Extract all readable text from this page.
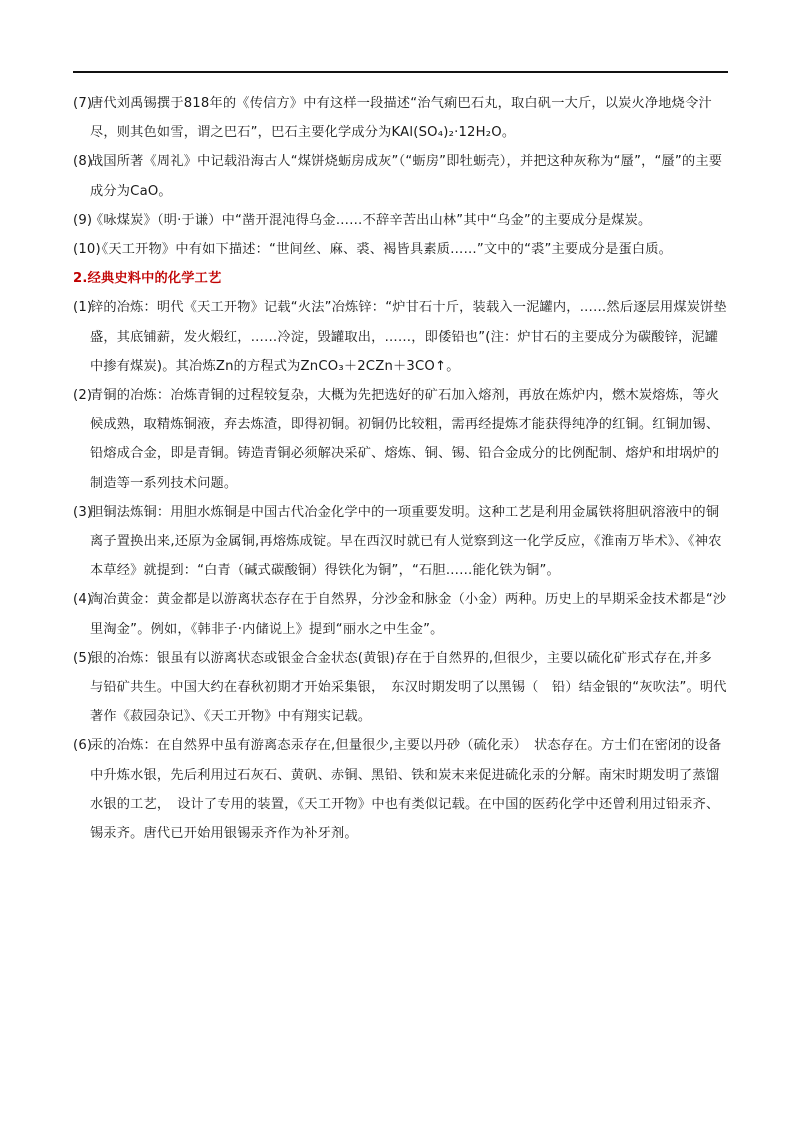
(7)
唐代刘禹锡撰于818年的《传信方》中有这样一段描述“治气痢巴石丸，取白矾一大斤，以炭火净地烧令汁尽，则其色如雪，谓之巴石”，巴石主要化学成分为KAl(SO₄)₂·12H₂O。

(8)
战国所著《周礼》中记载沿海古人“煤饼烧蛎房成灰”（“蛎房”即牡蛎壳），并把这种灰称为“蜃”，“蜃”的主要成分为CaO。

(9)
《咏煤炭》（明·于谦）中“凿开混沌得乌金……不辞辛苦出山林”其中“乌金”的主要成分是煤炭。

(10)
《天工开物》中有如下描述：“世间丝、麻、裘、褐皆具素质……”文中的“裘”主要成分是蛋白质。

2.经典史料中的化学工艺

(1)
锌的冶炼：明代《天工开物》记载“火法”冶炼锌：“炉甘石十斤，装载入一泥罐内，……然后逐层用煤炭饼垫盛，其底铺薪，发火煅红，……冷淀，毁罐取出，……，即倭铅也”(注：炉甘石的主要成分为碳酸锌，泥罐中掺有煤炭)。其冶炼Zn的方程式为ZnCO₃＋2CZn＋3CO↑。

(2)
青铜的冶炼：冶炼青铜的过程较复杂，大概为先把选好的矿石加入熔剂，再放在炼炉内，燃木炭熔炼，等火候成熟，取精炼铜液，弃去炼渣，即得初铜。初铜仍比较粗，需再经提炼才能获得纯净的红铜。红铜加锡、铅熔成合金，即是青铜。铸造青铜必须解决采矿、熔炼、铜、锡、铅合金成分的比例配制、熔炉和坩埚炉的制造等一系列技术问题。

(3)
胆铜法炼铜：用胆水炼铜是中国古代冶金化学中的一项重要发明。这种工艺是利用金属铁将胆矾溶液中的铜离子置换出来,还原为金属铜,再熔炼成锭。早在西汉时就已有人觉察到这一化学反应，《淮南万毕术》、《神农本草经》就提到：“白青（碱式碳酸铜）得铁化为铜”，“石胆……能化铁为铜”。

(4)
淘冶黄金：黄金都是以游离状态存在于自然界，分沙金和脉金（小金）两种。历史上的早期采金技术都是“沙里淘金”。例如，《韩非子·内储说上》提到“丽水之中生金”。

(5)
银的冶炼：银虽有以游离状态或银金合金状态(黄银)存在于自然界的,但很少，主要以硫化矿形式存在,并多　　　与铅矿共生。中国大约在春秋初期才开始采集银，　东汉时期发明了以黑锡（　铅）结金银的“灰吹法”。明代著作《菽园杂记》、《天工开物》中有翔实记载。

(6)
汞的冶炼：在自然界中虽有游离态汞存在,但量很少,主要以丹砂（硫化汞）　状态存在。方士们在密闭的设备中升炼水银，先后利用过石灰石、黄矾、赤铜、黑铅、铁和炭末来促进硫化汞的分解。南宋时期发明了蒸馏水银的工艺，　设计了专用的装置，《天工开物》中也有类似记载。在中国的医药化学中还曾利用过铅汞齐、锡汞齐。唐代已开始用银锡汞齐作为补牙剂。
